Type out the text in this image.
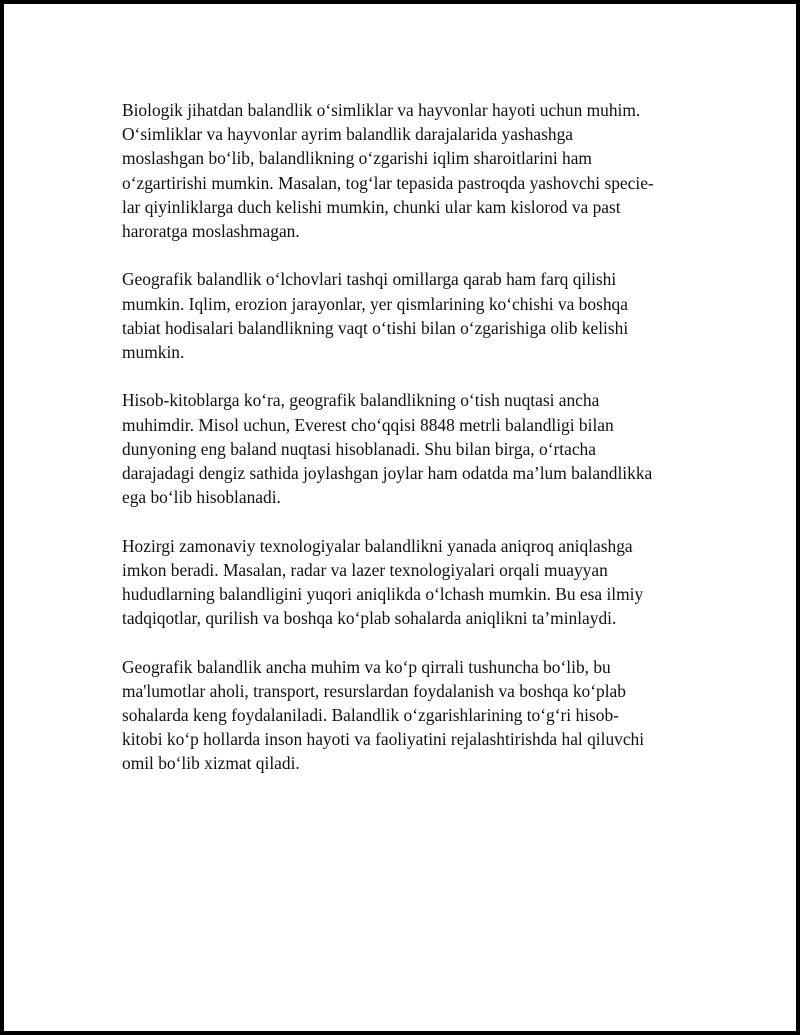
Biologik jihatdan balandlik o‘simliklar va hayvonlar hayoti uchun muhim.
O‘simliklar va hayvonlar ayrim balandlik darajalarida yashashga
moslashgan bo‘lib, balandlikning o‘zgarishi iqlim sharoitlarini ham
o‘zgartirishi mumkin. Masalan, tog‘lar tepasida pastroqda yashovchi specie-
lar qiyinliklarga duch kelishi mumkin, chunki ular kam kislorod va past
haroratga moslashmagan.

Geografik balandlik o‘lchovlari tashqi omillarga qarab ham farq qilishi
mumkin. Iqlim, erozion jarayonlar, yer qismlarining ko‘chishi va boshqa
tabiat hodisalari balandlikning vaqt o‘tishi bilan o‘zgarishiga olib kelishi
mumkin.

Hisob-kitoblarga ko‘ra, geografik balandlikning o‘tish nuqtasi ancha
muhimdir. Misol uchun, Everest cho‘qqisi 8848 metrli balandligi bilan
dunyoning eng baland nuqtasi hisoblanadi. Shu bilan birga, o‘rtacha
darajadagi dengiz sathida joylashgan joylar ham odatda ma’lum balandlikka
ega bo‘lib hisoblanadi.

Hozirgi zamonaviy texnologiyalar balandlikni yanada aniqroq aniqlashga
imkon beradi. Masalan, radar va lazer texnologiyalari orqali muayyan
hududlarning balandligini yuqori aniqlikda o‘lchash mumkin. Bu esa ilmiy
tadqiqotlar, qurilish va boshqa ko‘plab sohalarda aniqlikni ta’minlaydi.

Geografik balandlik ancha muhim va ko‘p qirrali tushuncha bo‘lib, bu
ma'lumotlar aholi, transport, resurslardan foydalanish va boshqa ko‘plab
sohalarda keng foydalaniladi. Balandlik o‘zgarishlarining to‘g‘ri hisob-
kitobi ko‘p hollarda inson hayoti va faoliyatini rejalashtirishda hal qiluvchi
omil bo‘lib xizmat qiladi.
